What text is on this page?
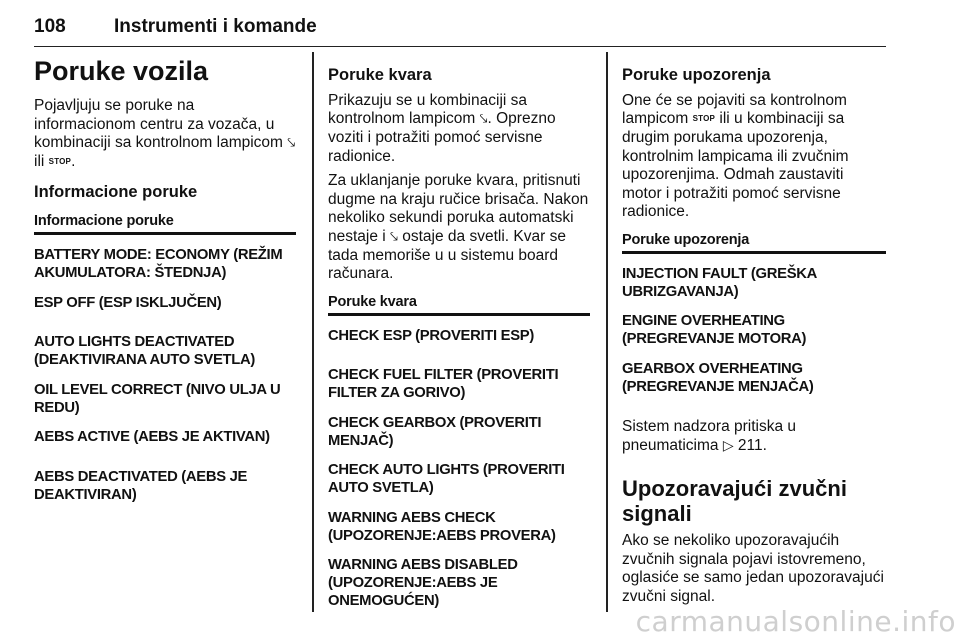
108	Instrumenti i komande
Poruke vozila

Pojavljuju se poruke na informacionom centru za vozača, u kombinaciji sa kontrolnom lampicom ⤥ ili STOP.

Informacione poruke
Informacione poruke
BATTERY MODE: ECONOMY (REŽIM AKUMULATORA: ŠTEDNJA)
ESP OFF (ESP ISKLJUČEN)
AUTO LIGHTS DEACTIVATED (DEAKTIVIRANA AUTO SVETLA)
OIL LEVEL CORRECT (NIVO ULJA U REDU)
AEBS ACTIVE (AEBS JE AKTIVAN)
AEBS DEACTIVATED (AEBS JE DEAKTIVIRAN)
Poruke kvara

Prikazuju se u kombinaciji sa kontrolnom lampicom ⤥. Oprezno voziti i potražiti pomoć servisne radionice.

Za uklanjanje poruke kvara, pritisnuti dugme na kraju ručice brisača. Nakon nekoliko sekundi poruka automatski nestaje i ⤥ ostaje da svetli. Kvar se tada memoriše u u sistemu board računara.

Poruke kvara
CHECK ESP (PROVERITI ESP)
CHECK FUEL FILTER (PROVERITI FILTER ZA GORIVO)
CHECK GEARBOX (PROVERITI MENJAČ)
CHECK AUTO LIGHTS (PROVERITI AUTO SVETLA)
WARNING AEBS CHECK (UPOZORENJE:AEBS PROVERA)
WARNING AEBS DISABLED (UPOZORENJE:AEBS JE ONEMOGUĆEN)
Poruke upozorenja

One će se pojaviti sa kontrolnom lampicom STOP ili u kombinaciji sa drugim porukama upozorenja, kontrolnim lampicama ili zvučnim upozorenjima. Odmah zaustaviti motor i potražiti pomoć servisne radionice.

Poruke upozorenja
INJECTION FAULT (GREŠKA UBRIZGAVANJA)
ENGINE OVERHEATING (PREGREVANJE MOTORA)
GEARBOX OVERHEATING (PREGREVANJE MENJAČA)

Sistem nadzora pritiska u pneumaticima ▷ 211.

Upozoravajući zvučni signali

Ako se nekoliko upozoravajućih zvučnih signala pojavi istovremeno, oglasiće se samo jedan upozoravajući zvučni signal.

carmanualsonline.info
